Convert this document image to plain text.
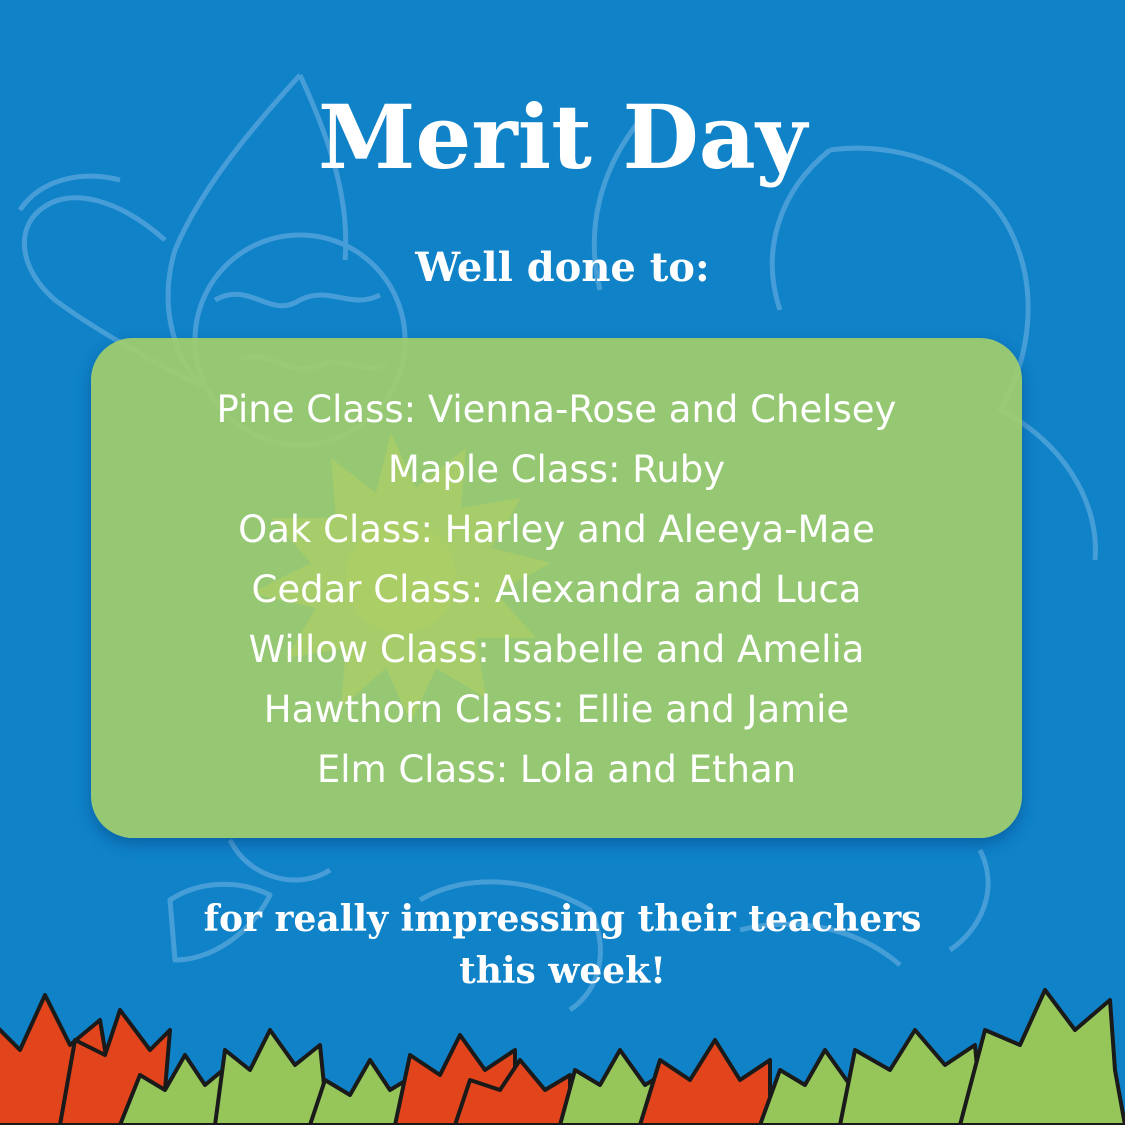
Merit Day
Well done to:
Pine Class: Vienna-Rose and Chelsey
Maple Class: Ruby
Oak Class: Harley and Aleeya-Mae
Cedar Class: Alexandra and Luca
Willow Class: Isabelle and Amelia
Hawthorn Class: Ellie and Jamie
Elm Class: Lola and Ethan
for really impressing their teachers
this week!
